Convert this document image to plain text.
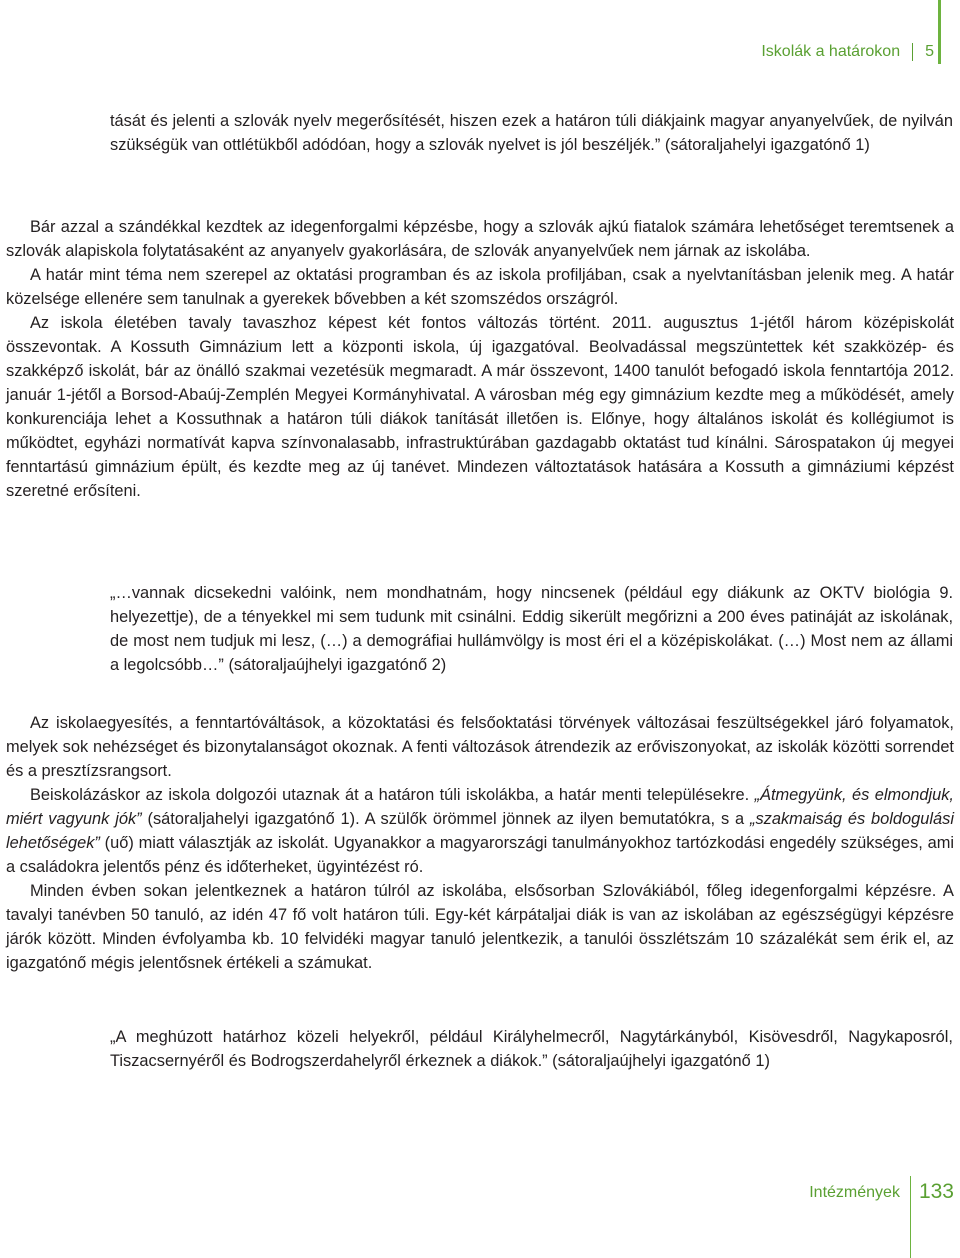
Iskolák a határokon 5

tását és jelenti a szlovák nyelv megerősítését, hiszen ezek a határon túli diákjaink magyar anyanyelvűek, de nyilván szükségük van ottlétükből adódóan, hogy a szlovák nyelvet is jól beszéljék.” (sátoraljahelyi igazgatónő 1)

Bár azzal a szándékkal kezdtek az idegenforgalmi képzésbe, hogy a szlovák ajkú fiatalok számára lehetőséget teremtsenek a szlovák alapiskola folytatásaként az anyanyelv gyakorlására, de szlovák anyanyelvűek nem járnak az iskolába.

A határ mint téma nem szerepel az oktatási programban és az iskola profiljában, csak a nyelvtanításban jelenik meg. A határ közelsége ellenére sem tanulnak a gyerekek bővebben a két szomszédos országról.

Az iskola életében tavaly tavaszhoz képest két fontos változás történt. 2011. augusztus 1-jétől három középiskolát összevontak. A Kossuth Gimnázium lett a központi iskola, új igazgatóval. Beolvadással megszüntettek két szakközép- és szakképző iskolát, bár az önálló szakmai vezetésük megmaradt. A már összevont, 1400 tanulót befogadó iskola fenntartója 2012. január 1-jétől a Borsod-Abaúj-Zemplén Megyei Kormányhivatal. A városban még egy gimnázium kezdte meg a működését, amely konkurenciája lehet a Kossuthnak a határon túli diákok tanítását illetően is. Előnye, hogy általános iskolát és kollégiumot is működtet, egyházi normatívát kapva színvonalasabb, infrastruktúrában gazdagabb oktatást tud kínálni. Sárospatakon új megyei fenntartású gimnázium épült, és kezdte meg az új tanévet. Mindezen változtatások hatására a Kossuth a gimnáziumi képzést szeretné erősíteni.

„…vannak dicsekedni valóink, nem mondhatnám, hogy nincsenek (például egy diákunk az OKTV biológia 9. helyezettje), de a tényekkel mi sem tudunk mit csinálni. Eddig sikerült megőrizni a 200 éves patináját az iskolának, de most nem tudjuk mi lesz, (…) a demográfiai hullámvölgy is most éri el a középiskolákat. (…) Most nem az állami a legolcsóbb…” (sátoraljaújhelyi igazgatónő 2)

Az iskolaegyesítés, a fenntartóváltások, a közoktatási és felsőoktatási törvények változásai feszültségekkel járó folyamatok, melyek sok nehézséget és bizonytalanságot okoznak. A fenti változások átrendezik az erőviszonyokat, az iskolák közötti sorrendet és a presztízsrangsort.

Beiskolázáskor az iskola dolgozói utaznak át a határon túli iskolákba, a határ menti településekre. „Átmegyünk, és elmondjuk, miért vagyunk jók” (sátoraljahelyi igazgatónő 1). A szülők örömmel jönnek az ilyen bemutatókra, s a „szakmaiság és boldogulási lehetőségek” (uő) miatt választják az iskolát. Ugyanakkor a magyarországi tanulmányokhoz tartózkodási engedély szükséges, ami a családokra jelentős pénz és időterheket, ügyintézést ró.

Minden évben sokan jelentkeznek a határon túlról az iskolába, elsősorban Szlovákiából, főleg idegenforgalmi képzésre. A tavalyi tanévben 50 tanuló, az idén 47 fő volt határon túli. Egy-két kárpátaljai diák is van az iskolában az egészségügyi képzésre járók között. Minden évfolyamba kb. 10 felvidéki magyar tanuló jelentkezik, a tanulói összlétszám 10 százalékát sem érik el, az igazgatónő mégis jelentősnek értékeli a számukat.

„A meghúzott határhoz közeli helyekről, például Királyhelmecről, Nagytárkányból, Kisövesdről, Nagykaposról, Tiszacsernyéről és Bodrogszerdahelyről érkeznek a diákok.” (sátoraljaújhelyi igazgatónő 1)

Intézmények 133
